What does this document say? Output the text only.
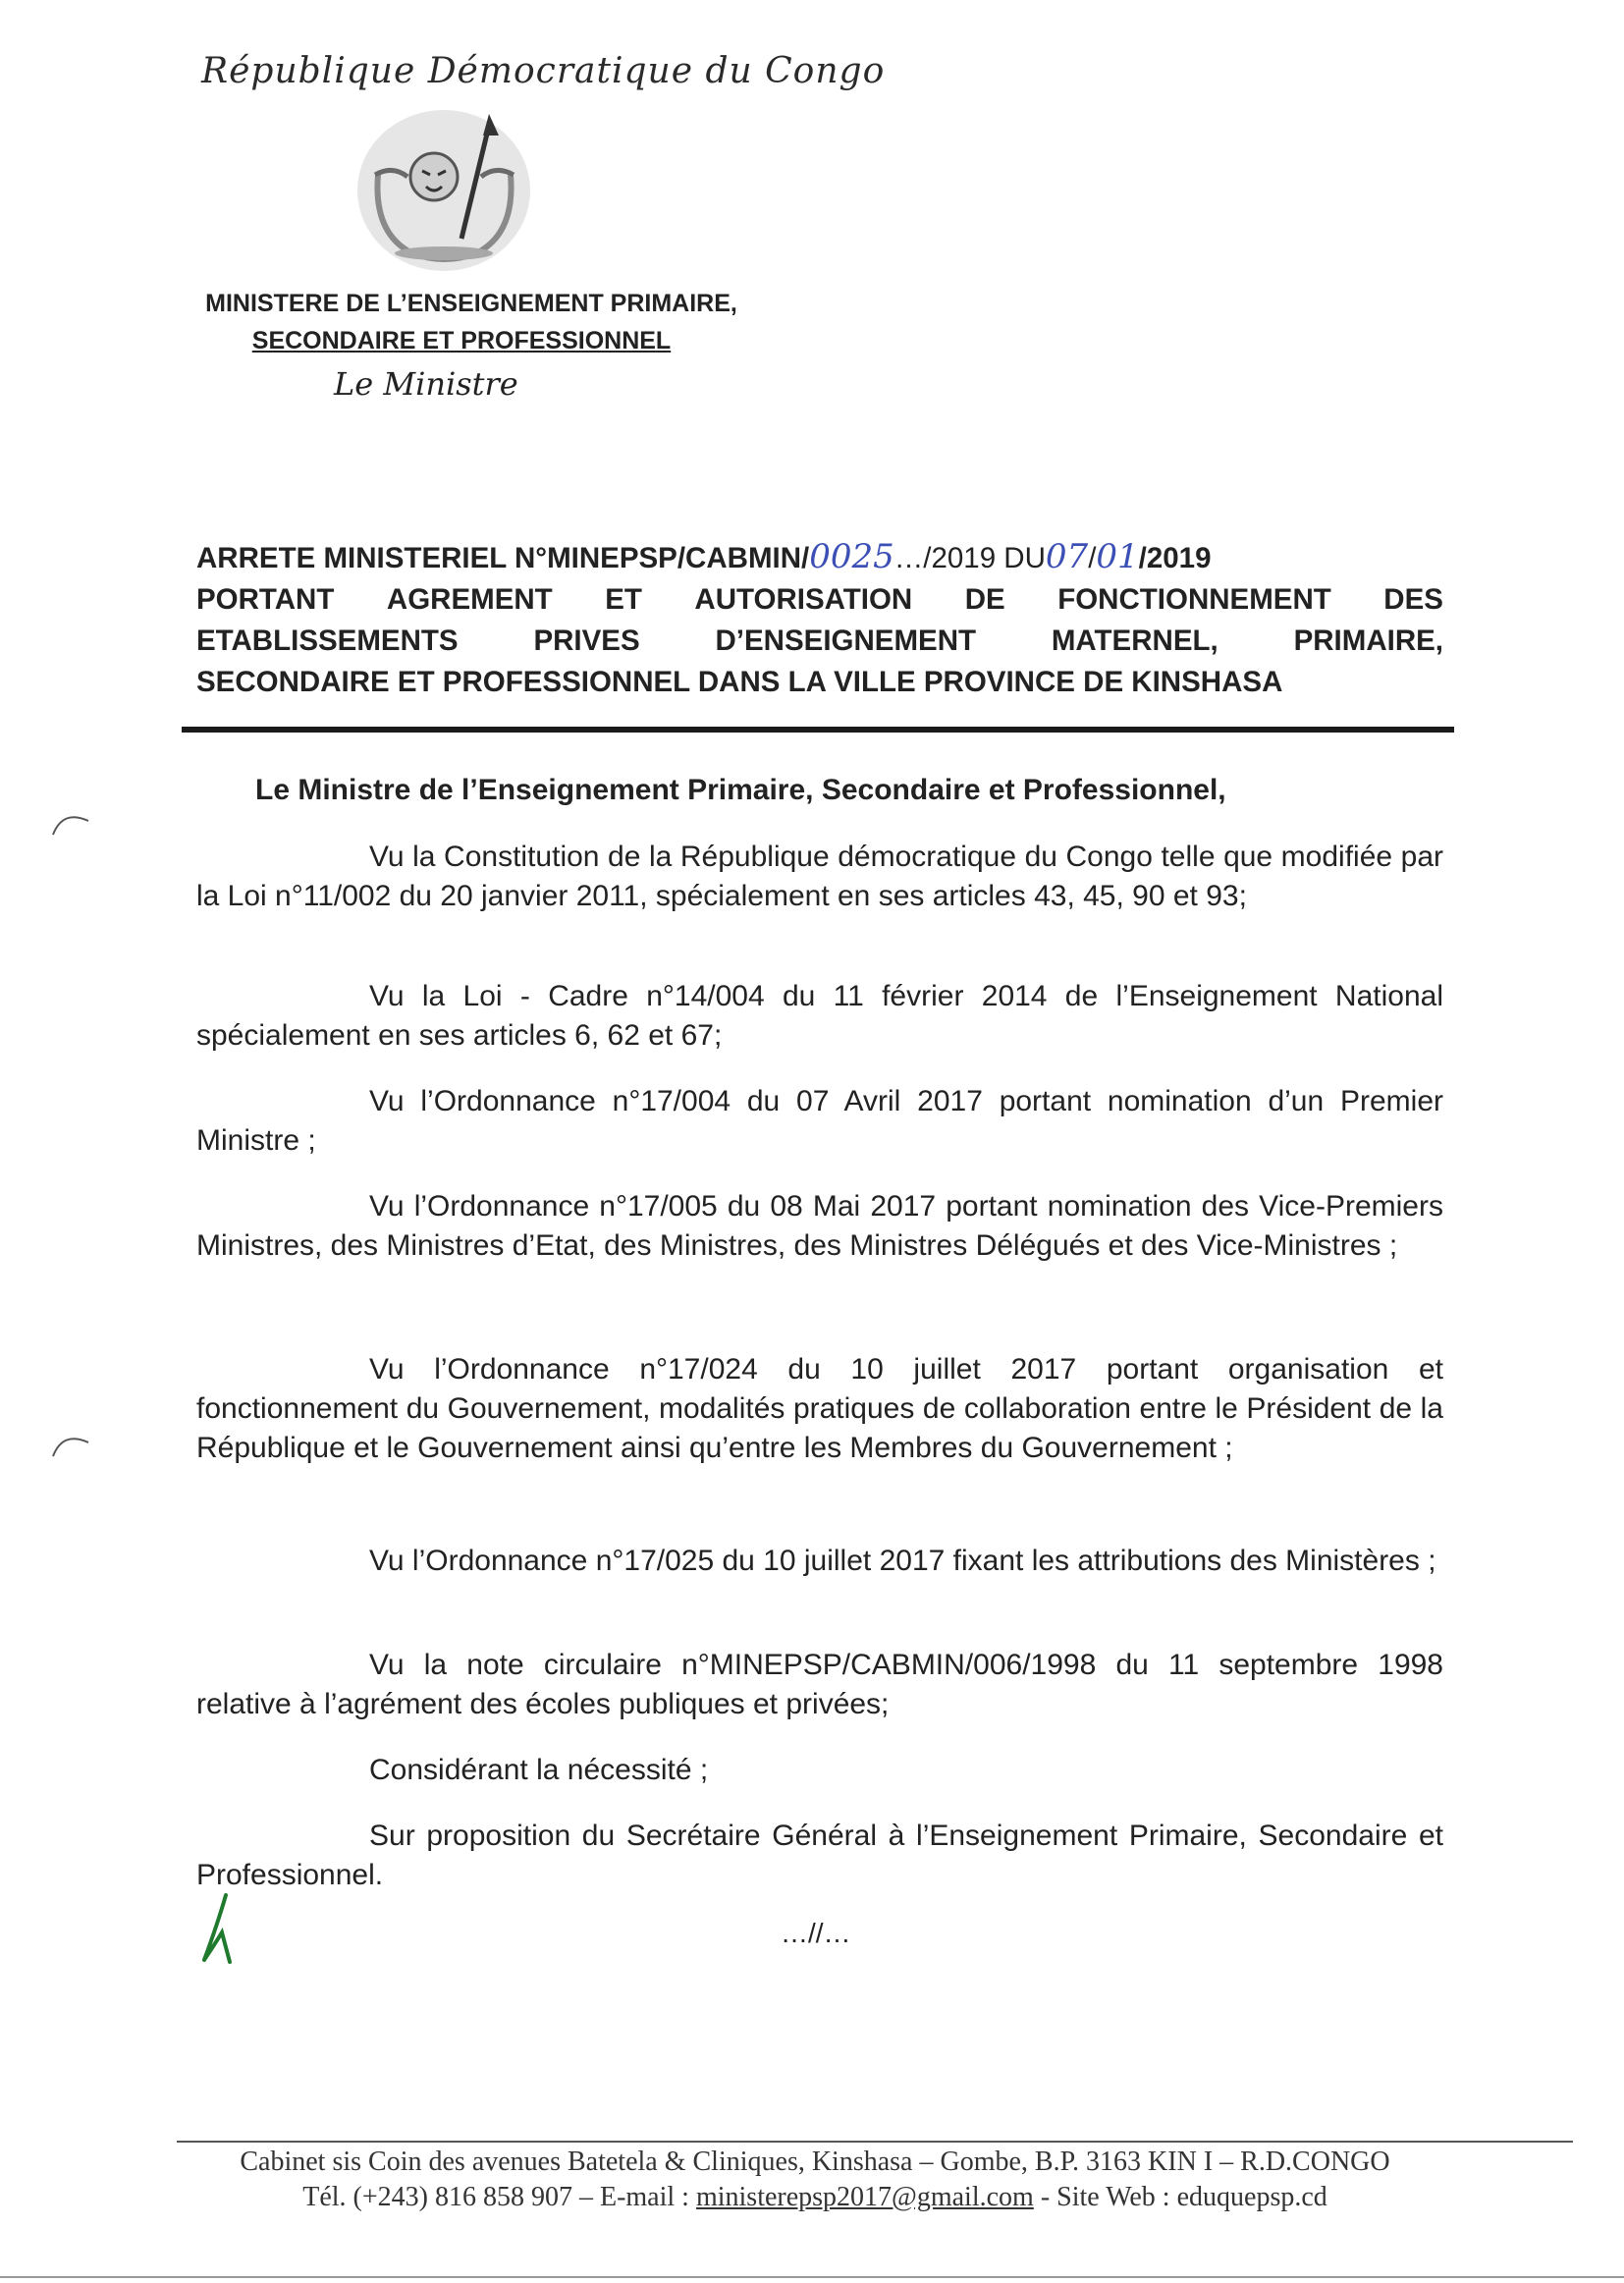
République Démocratique du Congo
MINISTERE DE L’ENSEIGNEMENT PRIMAIRE,
SECONDAIRE ET PROFESSIONNEL
Le Ministre
ARRETE MINISTERIEL N°MINEPSP/CABMIN/0025…/2019 DU07/01/2019
PORTANT AGREMENT ET AUTORISATION DE FONCTIONNEMENT DES
ETABLISSEMENTS	PRIVES	D’ENSEIGNEMENT	MATERNEL,	PRIMAIRE,
SECONDAIRE ET PROFESSIONNEL DANS LA VILLE PROVINCE DE KINSHASA
Le Ministre de l’Enseignement Primaire, Secondaire et Professionnel,
Vu la Constitution de la République démocratique du Congo telle que modifiée par la Loi n°11/002 du 20 janvier 2011, spécialement en ses articles 43, 45, 90 et 93;
Vu la Loi - Cadre n°14/004 du 11 février 2014 de l’Enseignement National spécialement en ses articles 6, 62 et 67;
Vu l’Ordonnance n°17/004 du 07 Avril 2017 portant nomination d’un Premier Ministre ;
Vu l’Ordonnance n°17/005 du 08 Mai 2017 portant nomination des Vice-Premiers Ministres, des Ministres d’Etat, des Ministres, des Ministres Délégués et des Vice-Ministres ;
Vu l’Ordonnance n°17/024 du 10 juillet 2017 portant organisation et fonctionnement du Gouvernement, modalités pratiques de collaboration entre le Président de la République et le Gouvernement ainsi qu’entre les Membres du Gouvernement ;
Vu l’Ordonnance n°17/025 du 10 juillet 2017 fixant les attributions des Ministères ;
Vu la note circulaire n°MINEPSP/CABMIN/006/1998 du 11 septembre 1998 relative à l’agrément des écoles publiques et privées;
Considérant la nécessité ;
Sur proposition du Secrétaire Général à l’Enseignement Primaire, Secondaire et Professionnel.
…//…
Cabinet sis Coin des avenues Batetela & Cliniques, Kinshasa – Gombe, B.P. 3163 KIN I – R.D.CONGO
Tél. (+243) 816 858 907 – E-mail : ministerepsp2017@gmail.com - Site Web : eduquepsp.cd
